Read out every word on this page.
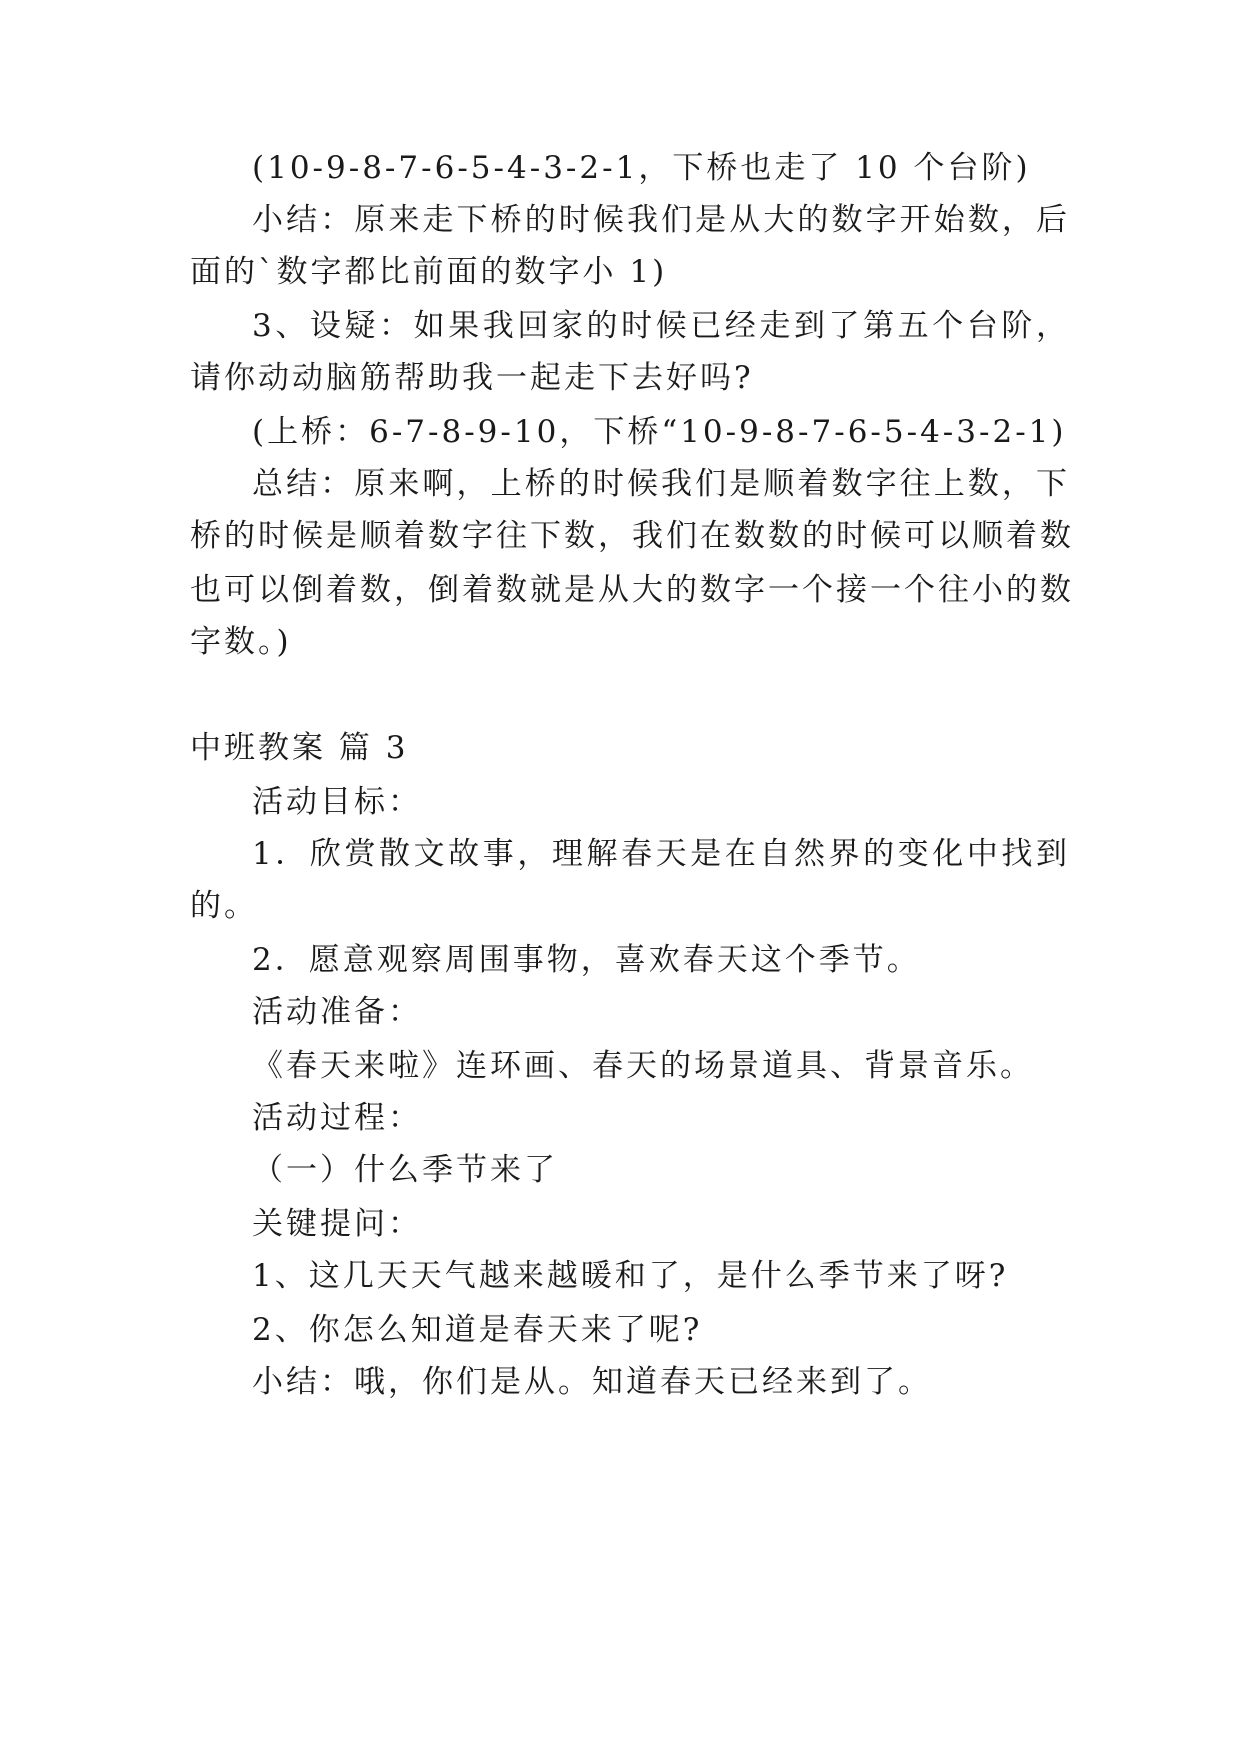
(10-9-8-7-6-5-4-3-2-1，下桥也走了 10 个台阶)
小结：原来走下桥的时候我们是从大的数字开始数，后
面的`数字都比前面的数字小 1)
3、设疑：如果我回家的时候已经走到了第五个台阶，
请你动动脑筋帮助我一起走下去好吗?
(上桥：6-7-8-9-10，下桥“10-9-8-7-6-5-4-3-2-1)
总结：原来啊，上桥的时候我们是顺着数字往上数，下
桥的时候是顺着数字往下数，我们在数数的时候可以顺着数
也可以倒着数，倒着数就是从大的数字一个接一个往小的数
字数。)
中班教案 篇 3
活动目标：
1．欣赏散文故事，理解春天是在自然界的变化中找到
的。
2．愿意观察周围事物，喜欢春天这个季节。
活动准备：
《春天来啦》连环画、春天的场景道具、背景音乐。
活动过程：
（一）什么季节来了
关键提问：
1、这几天天气越来越暖和了，是什么季节来了呀?
2、你怎么知道是春天来了呢?
小结：哦，你们是从。知道春天已经来到了。
